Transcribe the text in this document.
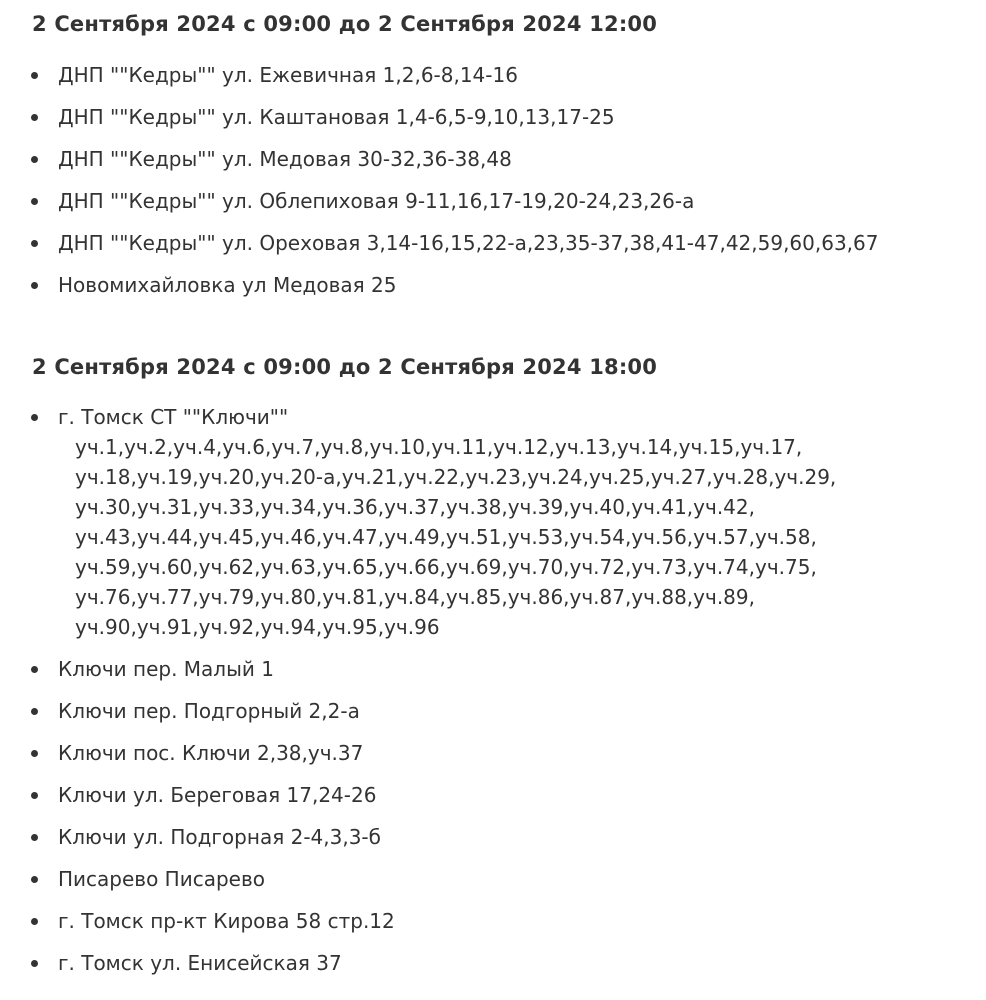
2 Сентября 2024 с 09:00 до 2 Сентября 2024 12:00
ДНП ""Кедры"" ул. Ежевичная 1,2,6-8,14-16
ДНП ""Кедры"" ул. Каштановая 1,4-6,5-9,10,13,17-25
ДНП ""Кедры"" ул. Медовая 30-32,36-38,48
ДНП ""Кедры"" ул. Облепиховая 9-11,16,17-19,20-24,23,26-а
ДНП ""Кедры"" ул. Ореховая 3,14-16,15,22-а,23,35-37,38,41-47,42,59,60,63,67
Новомихайловка ул Медовая 25
2 Сентября 2024 с 09:00 до 2 Сентября 2024 18:00
г. Томск СТ ""Ключи""
уч.1,уч.2,уч.4,уч.6,уч.7,уч.8,уч.10,уч.11,уч.12,уч.13,уч.14,уч.15,уч.17,
уч.18,уч.19,уч.20,уч.20-а,уч.21,уч.22,уч.23,уч.24,уч.25,уч.27,уч.28,уч.29,
уч.30,уч.31,уч.33,уч.34,уч.36,уч.37,уч.38,уч.39,уч.40,уч.41,уч.42,
уч.43,уч.44,уч.45,уч.46,уч.47,уч.49,уч.51,уч.53,уч.54,уч.56,уч.57,уч.58,
уч.59,уч.60,уч.62,уч.63,уч.65,уч.66,уч.69,уч.70,уч.72,уч.73,уч.74,уч.75,
уч.76,уч.77,уч.79,уч.80,уч.81,уч.84,уч.85,уч.86,уч.87,уч.88,уч.89,
уч.90,уч.91,уч.92,уч.94,уч.95,уч.96
Ключи пер. Малый 1
Ключи пер. Подгорный 2,2-а
Ключи пос. Ключи 2,38,уч.37
Ключи ул. Береговая 17,24-26
Ключи ул. Подгорная 2-4,3,3-б
Писарево Писарево
г. Томск пр-кт Кирова 58 стр.12
г. Томск ул. Енисейская 37
